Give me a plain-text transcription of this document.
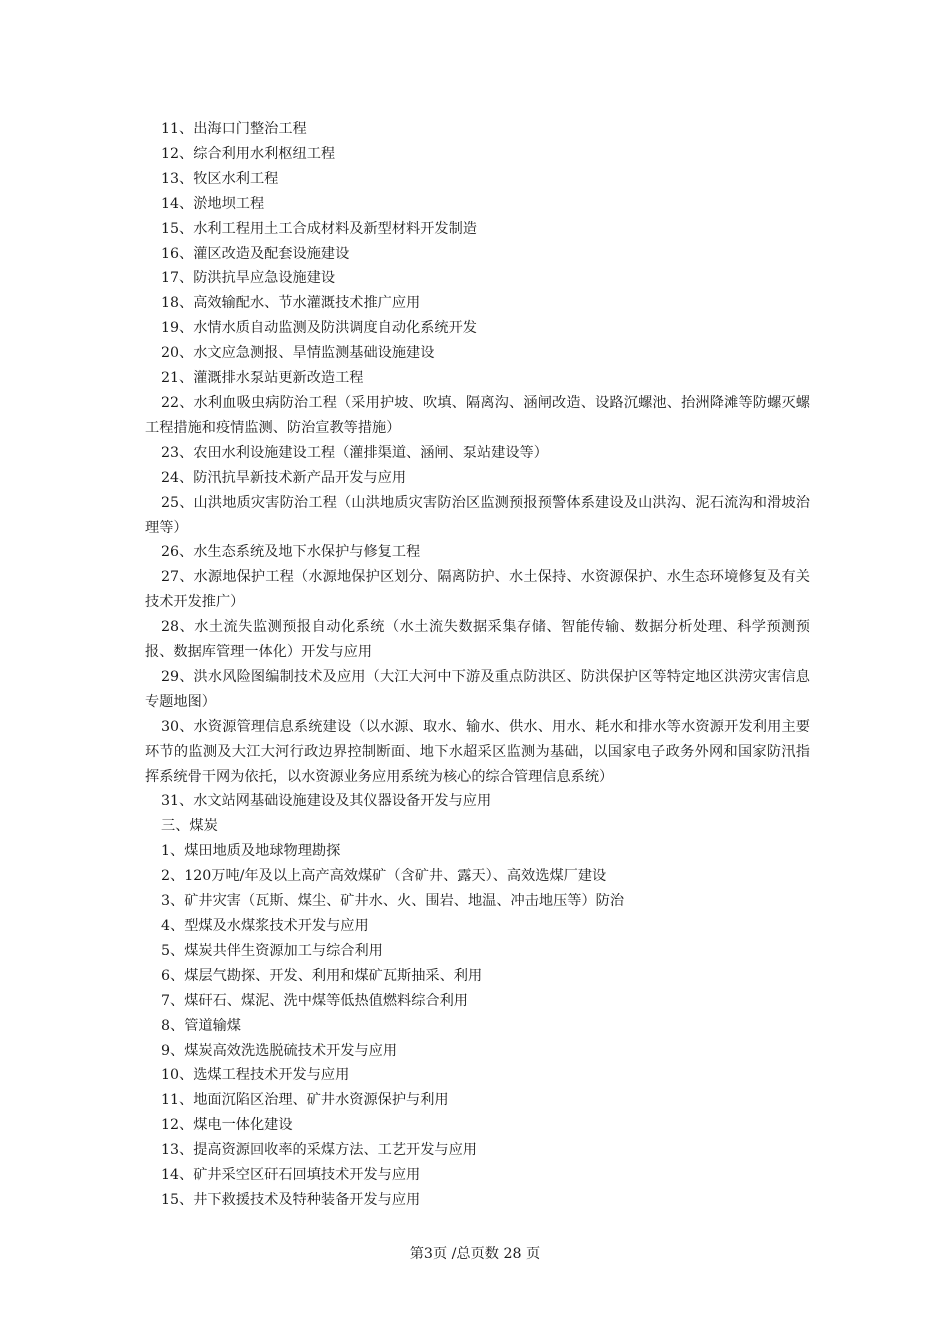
11、出海口门整治工程

12、综合利用水利枢纽工程

13、牧区水利工程

14、淤地坝工程

15、水利工程用土工合成材料及新型材料开发制造

16、灌区改造及配套设施建设

17、防洪抗旱应急设施建设

18、高效输配水、节水灌溉技术推广应用

19、水情水质自动监测及防洪调度自动化系统开发

20、水文应急测报、旱情监测基础设施建设

21、灌溉排水泵站更新改造工程

22、水利血吸虫病防治工程（采用护坡、吹填、隔离沟、涵闸改造、设路沉螺池、抬洲降滩等防螺灭螺工程措施和疫情监测、防治宣教等措施）

23、农田水利设施建设工程（灌排渠道、涵闸、泵站建设等）

24、防汛抗旱新技术新产品开发与应用

25、山洪地质灾害防治工程（山洪地质灾害防治区监测预报预警体系建设及山洪沟、泥石流沟和滑坡治理等）

26、水生态系统及地下水保护与修复工程

27、水源地保护工程（水源地保护区划分、隔离防护、水土保持、水资源保护、水生态环境修复及有关技术开发推广）

28、水土流失监测预报自动化系统（水土流失数据采集存储、智能传输、数据分析处理、科学预测预报、数据库管理一体化）开发与应用

29、洪水风险图编制技术及应用（大江大河中下游及重点防洪区、防洪保护区等特定地区洪涝灾害信息专题地图）

30、水资源管理信息系统建设（以水源、取水、输水、供水、用水、耗水和排水等水资源开发利用主要环节的监测及大江大河行政边界控制断面、地下水超采区监测为基础，以国家电子政务外网和国家防汛指挥系统骨干网为依托，以水资源业务应用系统为核心的综合管理信息系统）

31、水文站网基础设施建设及其仪器设备开发与应用

三、煤炭

1、煤田地质及地球物理勘探

2、120万吨/年及以上高产高效煤矿（含矿井、露天）、高效选煤厂建设

3、矿井灾害（瓦斯、煤尘、矿井水、火、围岩、地温、冲击地压等）防治

4、型煤及水煤浆技术开发与应用

5、煤炭共伴生资源加工与综合利用

6、煤层气勘探、开发、利用和煤矿瓦斯抽采、利用

7、煤矸石、煤泥、洗中煤等低热值燃料综合利用

8、管道输煤

9、煤炭高效洗选脱硫技术开发与应用

10、选煤工程技术开发与应用

11、地面沉陷区治理、矿井水资源保护与利用

12、煤电一体化建设

13、提高资源回收率的采煤方法、工艺开发与应用

14、矿井采空区矸石回填技术开发与应用

15、井下救援技术及特种装备开发与应用

第3页 /总页数 28 页
